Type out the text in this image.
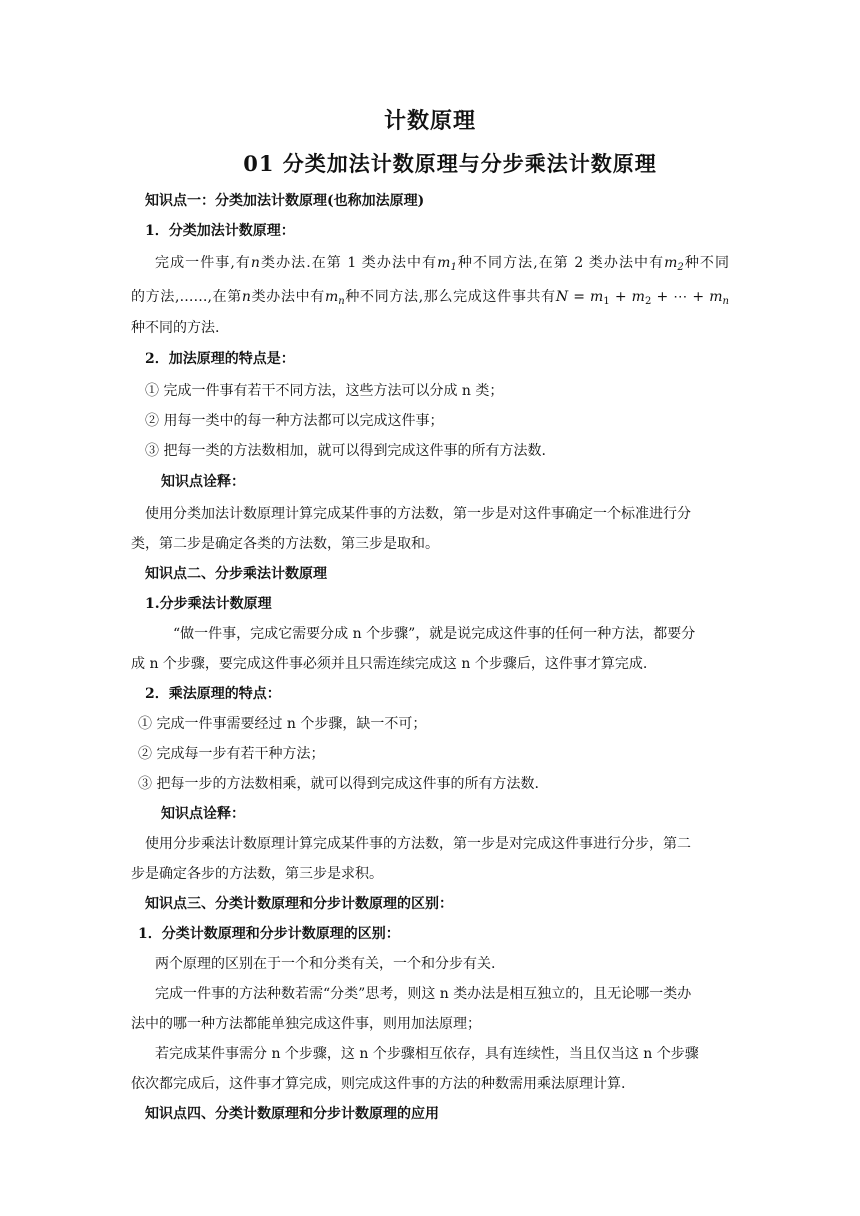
计数原理
01 分类加法计数原理与分步乘法计数原理
知识点一：分类加法计数原理(也称加法原理)
1．分类加法计数原理：
完成一件事,有n类办法.在第 1 类办法中有$m_1$种不同方法,在第 2 类办法中有$m_2$种不同
的方法,……,在第n类办法中有$m_n$种不同方法,那么完成这件事共有$N = m_1 + m_2$ + ⋯ + $m_n$
种不同的方法.
2．加法原理的特点是：
① 完成一件事有若干不同方法，这些方法可以分成 n 类；
② 用每一类中的每一种方法都可以完成这件事；
③ 把每一类的方法数相加，就可以得到完成这件事的所有方法数.
知识点诠释：
使用分类加法计数原理计算完成某件事的方法数，第一步是对这件事确定一个标准进行分
类，第二步是确定各类的方法数，第三步是取和。
知识点二、分步乘法计数原理
1.分步乘法计数原理
“做一件事，完成它需要分成 n 个步骤”，就是说完成这件事的任何一种方法，都要分
成 n 个步骤，要完成这件事必须并且只需连续完成这 n 个步骤后，这件事才算完成.
2．乘法原理的特点：
① 完成一件事需要经过 n 个步骤，缺一不可；
② 完成每一步有若干种方法；
③ 把每一步的方法数相乘，就可以得到完成这件事的所有方法数.
知识点诠释：
使用分步乘法计数原理计算完成某件事的方法数，第一步是对完成这件事进行分步，第二
步是确定各步的方法数，第三步是求积。
知识点三、分类计数原理和分步计数原理的区别：
1．分类计数原理和分步计数原理的区别：
两个原理的区别在于一个和分类有关，一个和分步有关.
完成一件事的方法种数若需“分类”思考，则这 n 类办法是相互独立的，且无论哪一类办
法中的哪一种方法都能单独完成这件事，则用加法原理；
若完成某件事需分 n 个步骤，这 n 个步骤相互依存，具有连续性，当且仅当这 n 个步骤
依次都完成后，这件事才算完成，则完成这件事的方法的种数需用乘法原理计算.
知识点四、分类计数原理和分步计数原理的应用
